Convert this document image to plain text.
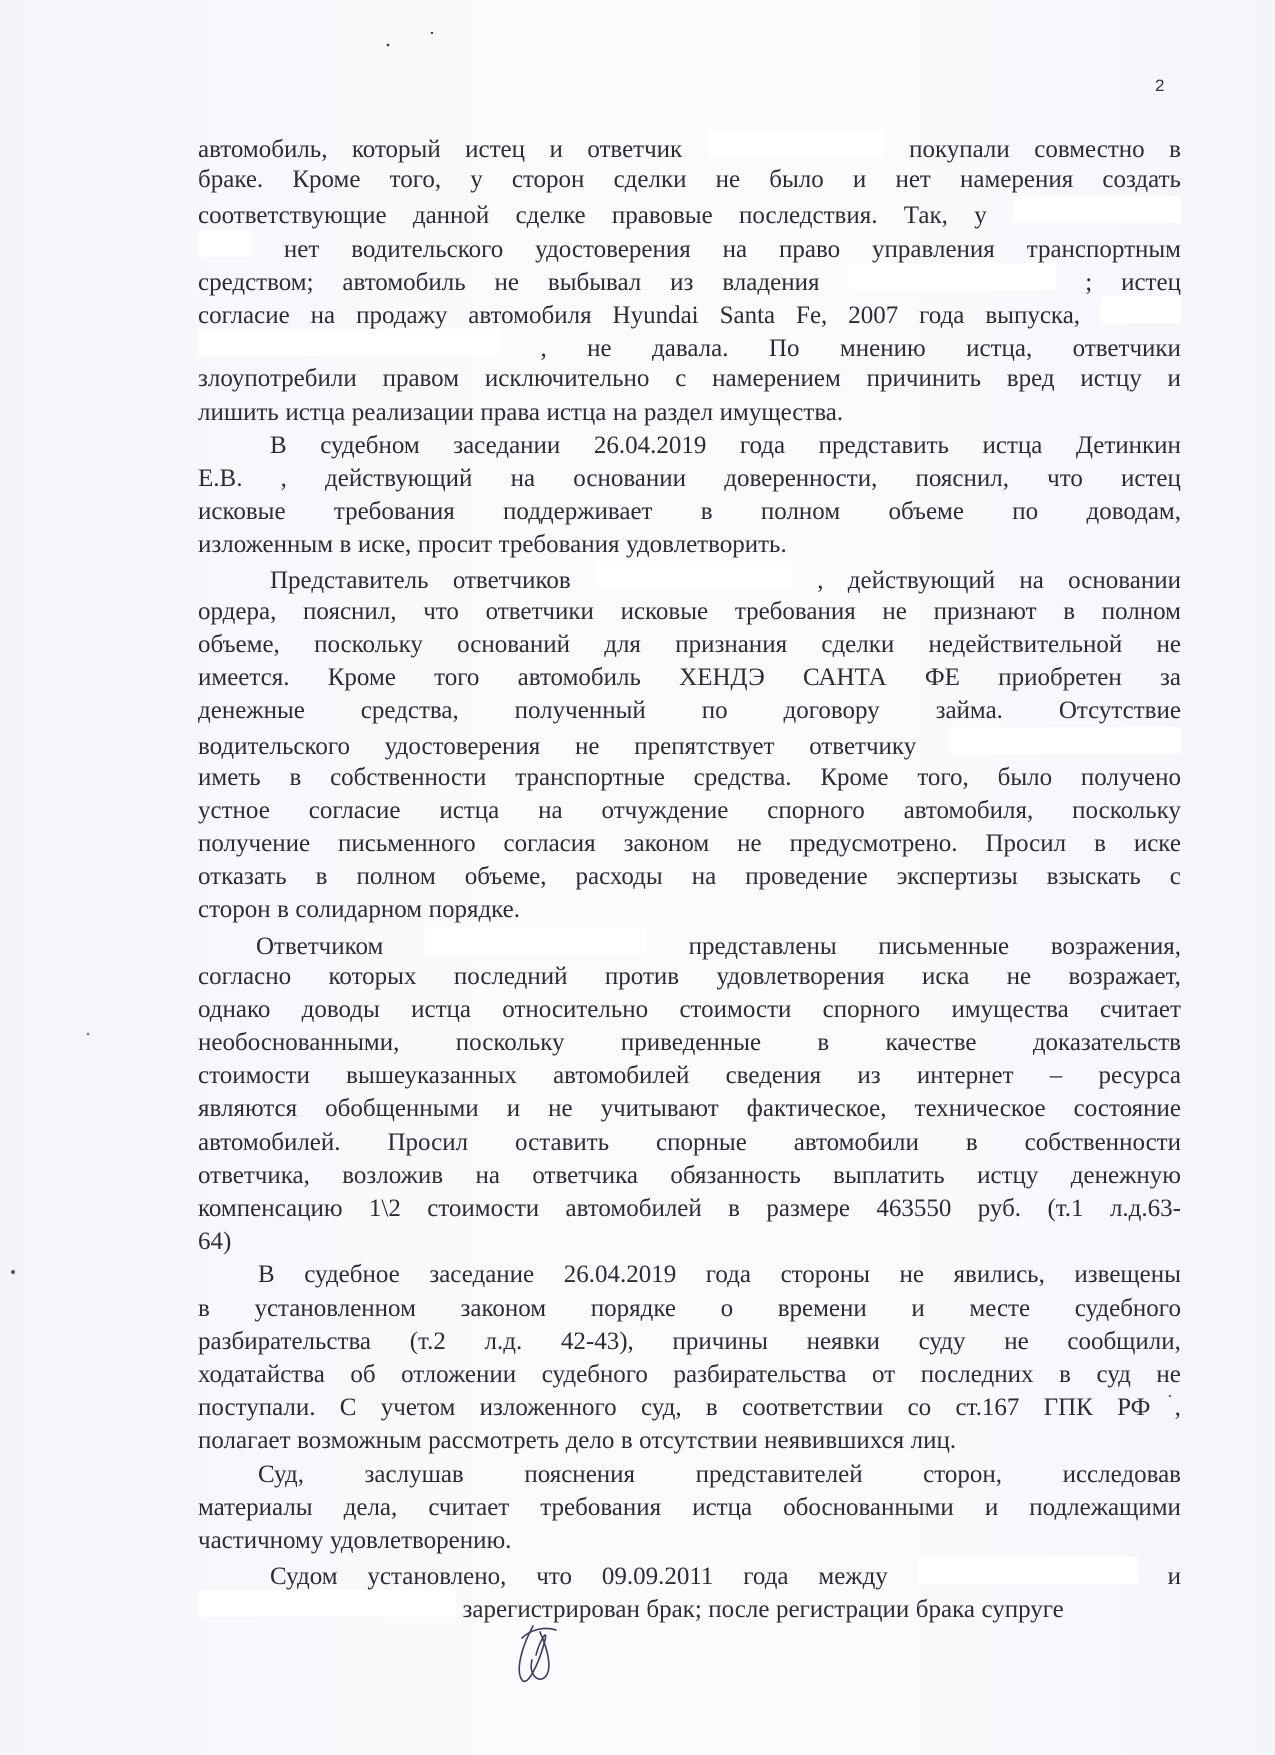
2
автомобиль, который истец и ответчик	покупали совместно в
браке. Кроме того, у сторон сделки не было и нет намерения создать
соответствующие данной сделке правовые последствия. Так, у
нет водительского удостоверения на право управления транспортным
средством; автомобиль не выбывал из владения	; истец
согласие на продажу автомобиля Hyundai Santa Fe, 2007 года выпуска,
, не давала. По мнению истца, ответчики
злоупотребили правом исключительно с намерением причинить вред истцу и
лишить истца реализации права истца на раздел имущества.
В судебном заседании 26.04.2019 года представить истца Детинкин
Е.В. , действующий на основании доверенности, пояснил, что истец
исковые требования поддерживает в полном объеме по доводам,
изложенным в иске, просит требования удовлетворить.
Представитель ответчиков	, действующий на основании
ордера, пояснил, что ответчики исковые требования не признают в полном
объеме, поскольку оснований для признания сделки недействительной не
имеется. Кроме того автомобиль ХЕНДЭ САНТА ФЕ приобретен за
денежные средства, полученный по договору займа. Отсутствие
водительского удостоверения не препятствует ответчику
иметь в собственности транспортные средства. Кроме того, было получено
устное согласие истца на отчуждение спорного автомобиля, поскольку
получение письменного согласия законом не предусмотрено. Просил в иске
отказать в полном объеме, расходы на проведение экспертизы взыскать с
сторон в солидарном порядке.
Ответчиком	представлены письменные возражения,
согласно которых последний против удовлетворения иска не возражает,
однако доводы истца относительно стоимости спорного имущества считает
необоснованными, поскольку приведенные в качестве доказательств
стоимости вышеуказанных автомобилей сведения из интернет – ресурса
являются обобщенными и не учитывают фактическое, техническое состояние
автомобилей. Просил оставить спорные автомобили в собственности
ответчика, возложив на ответчика обязанность выплатить истцу денежную
компенсацию 1\2 стоимости автомобилей в размере 463550 руб. (т.1 л.д.63-
64)
В судебное заседание 26.04.2019 года стороны не явились, извещены
в установленном законом порядке о времени и месте судебного
разбирательства (т.2 л.д. 42-43), причины неявки суду не сообщили,
ходатайства об отложении судебного разбирательства от последних в суд не
поступали. С учетом изложенного суд, в соответствии со ст.167 ГПК РФ ,
полагает возможным рассмотреть дело в отсутствии неявившихся лиц.
Суд, заслушав пояснения представителей сторон, исследовав
материалы дела, считает требования истца обоснованными и подлежащими
частичному удовлетворению.
Судом установлено, что 09.09.2011 года между	и
зарегистрирован брак; после регистрации брака супруге
